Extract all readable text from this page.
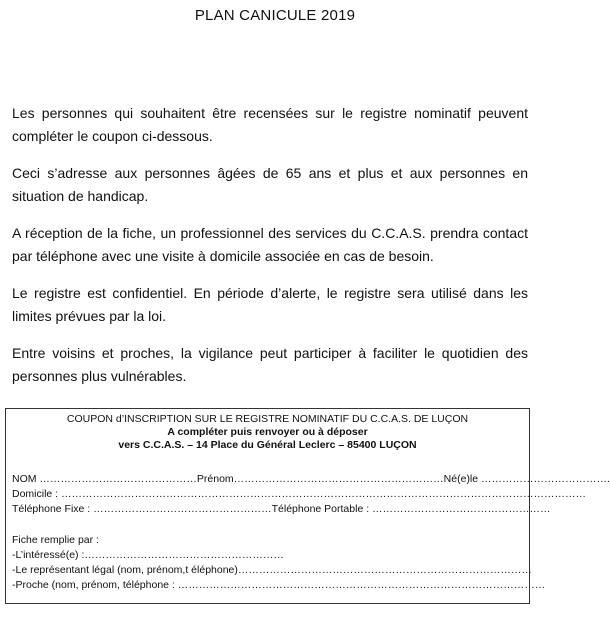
PLAN CANICULE 2019

Les personnes qui souhaitent être recensées sur le registre nominatif peuvent compléter le coupon ci-dessous.

Ceci s’adresse aux personnes âgées de 65 ans et plus et aux personnes en situation de handicap.

A réception de la fiche, un professionnel des services du C.C.A.S. prendra contact par téléphone avec une visite à domicile associée en cas de besoin.

Le registre est confidentiel. En période d’alerte, le registre sera utilisé dans les limites prévues par la loi.

Entre voisins et proches, la vigilance peut participer à faciliter le quotidien des personnes plus vulnérables.

COUPON d’INSCRIPTION SUR LE REGISTRE NOMINATIF DU C.C.A.S. DE LUÇON
A compléter puis renvoyer ou à déposer
vers C.C.A.S. – 14 Place du Général Leclerc – 85400 LUÇON
NOM ………………………………………Prénom……………………………………………………Né(e)le ……………………………….
Domicile : ……………………………………………………………………………………………………………………………………
Téléphone Fixe : ……………………………………………Téléphone Portable : ……………………………………………
Fiche remplie par :
-L’intéressé(e) :…………………………………………………
-Le représentant légal (nom, prénom,t éléphone)…………………………………………………………………………
-Proche (nom, prénom, téléphone : ……………………………………………………………………………………………
